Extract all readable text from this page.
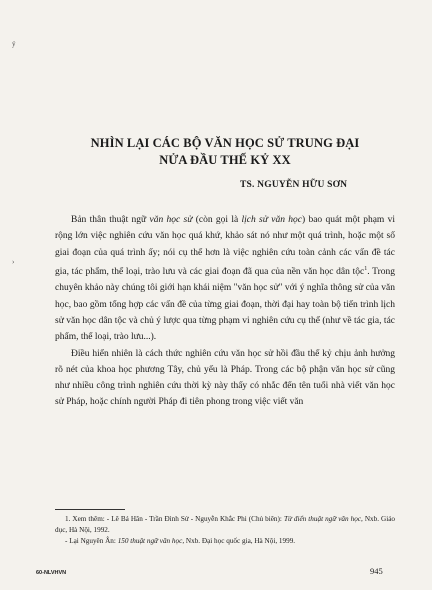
ý
›
NHÌN LẠI CÁC BỘ VĂN HỌC SỬ TRUNG ĐẠI
NỬA ĐẦU THẾ KỶ XX
TS. NGUYỄN HỮU SƠN

Bản thân thuật ngữ văn học sử (còn gọi là lịch sử văn học) bao quát một phạm vi rộng lớn việc nghiên cứu văn học quá khứ, khảo sát nó như một quá trình, hoặc một số giai đoạn của quá trình ấy; nói cụ thể hơn là việc nghiên cứu toàn cảnh các vấn đề tác gia, tác phẩm, thể loại, trào lưu và các giai đoạn đã qua của nền văn học dân tộc$^1$. Trong chuyên khảo này chúng tôi giới hạn khái niệm "văn học sử" với ý nghĩa thông sử của văn học, bao gồm tổng hợp các vấn đề của từng giai đoạn, thời đại hay toàn bộ tiến trình lịch sử văn học dân tộc và chủ ý lược qua từng phạm vi nghiên cứu cụ thể (như về tác gia, tác phẩm, thể loại, trào lưu...).

Điều hiển nhiên là cách thức nghiên cứu văn học sử hồi đầu thế kỷ chịu ảnh hưởng rõ nét của khoa học phương Tây, chủ yếu là Pháp. Trong các bộ phận văn học sử cũng như nhiều công trình nghiên cứu thời kỳ này thấy có nhắc đến tên tuổi nhà viết văn học sử Pháp, hoặc chính người Pháp đi tiên phong trong việc viết văn

1. Xem thêm: - Lê Bá Hân - Trần Đình Sử - Nguyễn Khắc Phi (Chủ biên): Từ điển thuật ngữ văn học, Nxb. Giáo dục, Hà Nội, 1992.

- Lại Nguyên Ân: 150 thuật ngữ văn học, Nxb. Đại học quốc gia, Hà Nội, 1999.

60-NLVHVN	945
